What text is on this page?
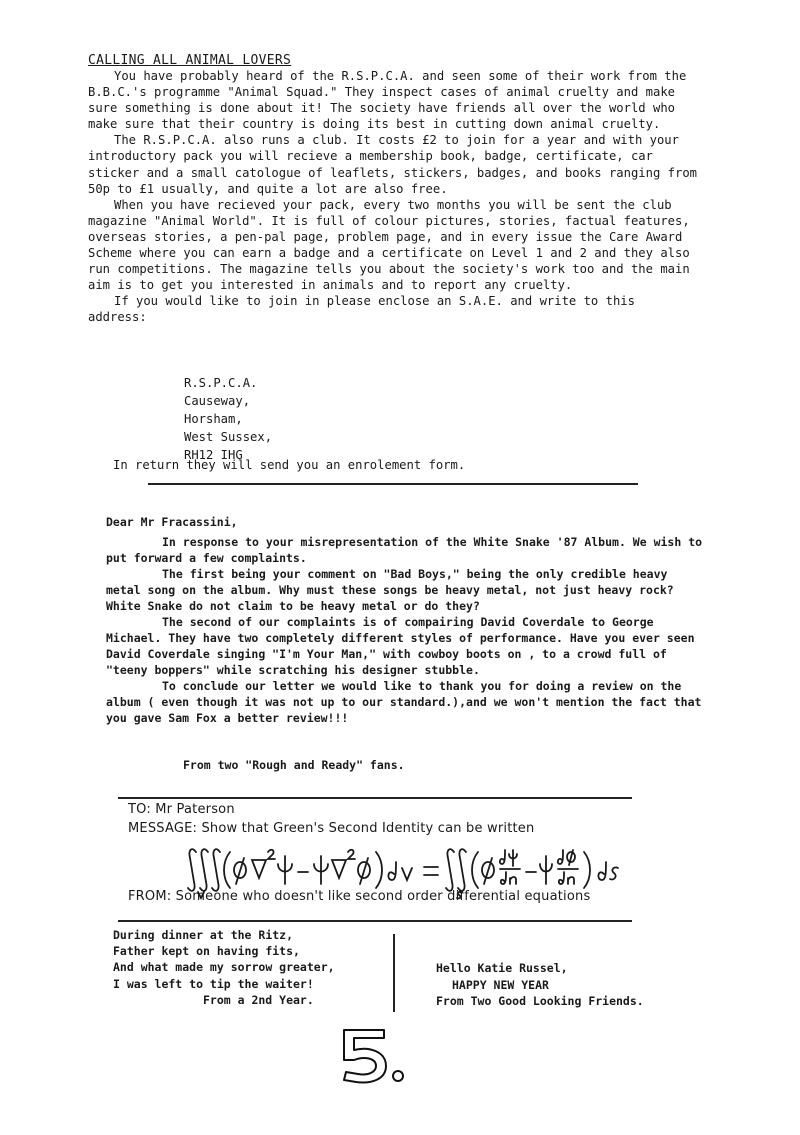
CALLING ALL ANIMAL LOVERS

You have probably heard of the R.S.P.C.A. and seen some of their work from the B.B.C.'s programme "Animal Squad." They inspect cases of animal cruelty and make sure something is done about it! The society have friends all over the world who make sure that their country is doing its best in cutting down animal cruelty.

The R.S.P.C.A. also runs a club. It costs £2 to join for a year and with your introductory pack you will recieve a membership book, badge, certificate, car sticker and a small catologue of leaflets, stickers, badges, and books ranging from 50p to £1 usually, and quite a lot are also free.

When you have recieved your pack, every two months you will be sent the club magazine "Animal World". It is full of colour pictures, stories, factual features, overseas stories, a pen-pal page, problem page, and in every issue the Care Award Scheme where you can earn a badge and a certificate on Level 1 and 2 and they also run competitions. The magazine tells you about the society's work too and the main aim is to get you interested in animals and to report any cruelty.

If you would like to join in please enclose an S.A.E. and write to this address:

R.S.P.C.A.
Causeway,
Horsham,
West Sussex,
RH12 IHG
In return they will send you an enrolement form.

Dear Mr Fracassini,

In response to your misrepresentation of the White Snake '87 Album. We wish to put forward a few complaints.

The first being your comment on "Bad Boys," being the only credible heavy metal song on the album. Why must these songs be heavy metal, not just heavy rock? White Snake do not claim to be heavy metal or do they?

The second of our complaints is of compairing David Coverdale to George Michael. They have two completely different styles of performance. Have you ever seen David Coverdale singing "I'm Your Man," with cowboy boots on , to a crowd full of "teeny boppers" while scratching his designer stubble.

To conclude our letter we would like to thank you for doing a review on the album ( even though it was not up to our standard.),and we won't mention the fact that you gave Sam Fox a better review!!!

From two "Rough and Ready" fans.
TO: Mr Paterson
MESSAGE: Show that Green's Second Identity can be written
FROM: Someone who doesn't like second order differential equations
During dinner at the Ritz,
Father kept on having fits,
And what made my sorrow greater,
I was left to tip the waiter!
From a 2nd Year.
Hello Katie Russel,
HAPPY NEW YEAR
From Two Good Looking Friends.
5.
